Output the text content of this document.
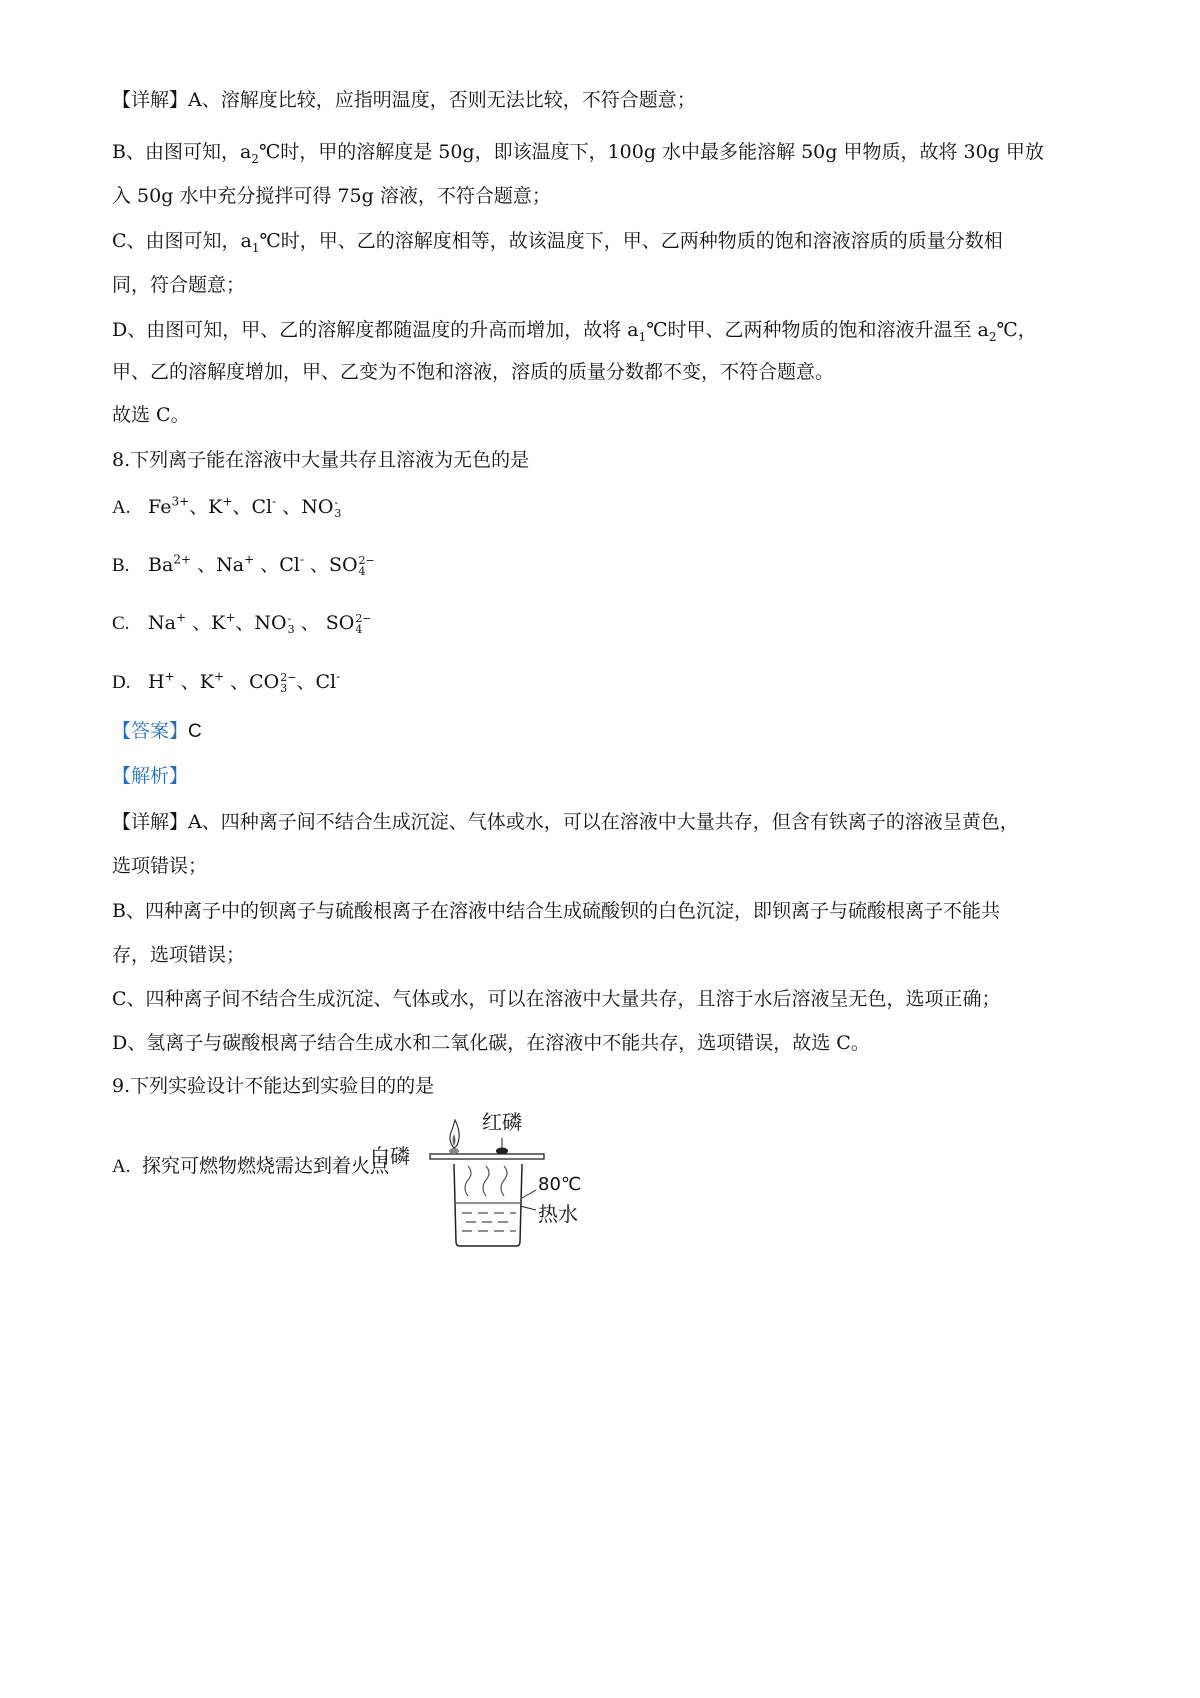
【详解】A、溶解度比较，应指明温度，否则无法比较，不符合题意；
B、由图可知，$a_2℃$时，甲的溶解度是 50g，即该温度下，100g 水中最多能溶解 50g 甲物质，故将 30g 甲放
入 50g 水中充分搅拌可得 75g 溶液，不符合题意；
C、由图可知，$a_1℃$时，甲、乙的溶解度相等，故该温度下，甲、乙两种物质的饱和溶液溶质的质量分数相
同，符合题意；
D、由图可知，甲、乙的溶解度都随温度的升高而增加，故将 $a_1℃$时甲、乙两种物质的饱和溶液升温至 $a_2℃$，
甲、乙的溶解度增加，甲、乙变为不饱和溶液，溶质的质量分数都不变，不符合题意。
故选 C。
8.下列离子能在溶液中大量共存且溶液为无色的是
A. $Fe^{3+}$、K+、Cl- 、NO -
3
B. $Ba^{2+}$ 、Na+ 、Cl- 、SO 2−
4
C. Na+ 、K+、NO -
3 、 SO 2−
4
D. H+ 、K+ 、CO 2−
3 、Cl-
【答案】C
【解析】
【详解】A、四种离子间不结合生成沉淀、气体或水，可以在溶液中大量共存，但含有铁离子的溶液呈黄色，
选项错误；
B、四种离子中的钡离子与硫酸根离子在溶液中结合生成硫酸钡的白色沉淀，即钡离子与硫酸根离子不能共
存，选项错误；
C、四种离子间不结合生成沉淀、气体或水，可以在溶液中大量共存，且溶于水后溶液呈无色，选项正确；
D、氢离子与碳酸根离子结合生成水和二氧化碳，在溶液中不能共存，选项错误，故选 C。
9.下列实验设计不能达到实验目的的是
A. 探究可燃物燃烧需达到着火点
红磷
白磷
80℃
热水
